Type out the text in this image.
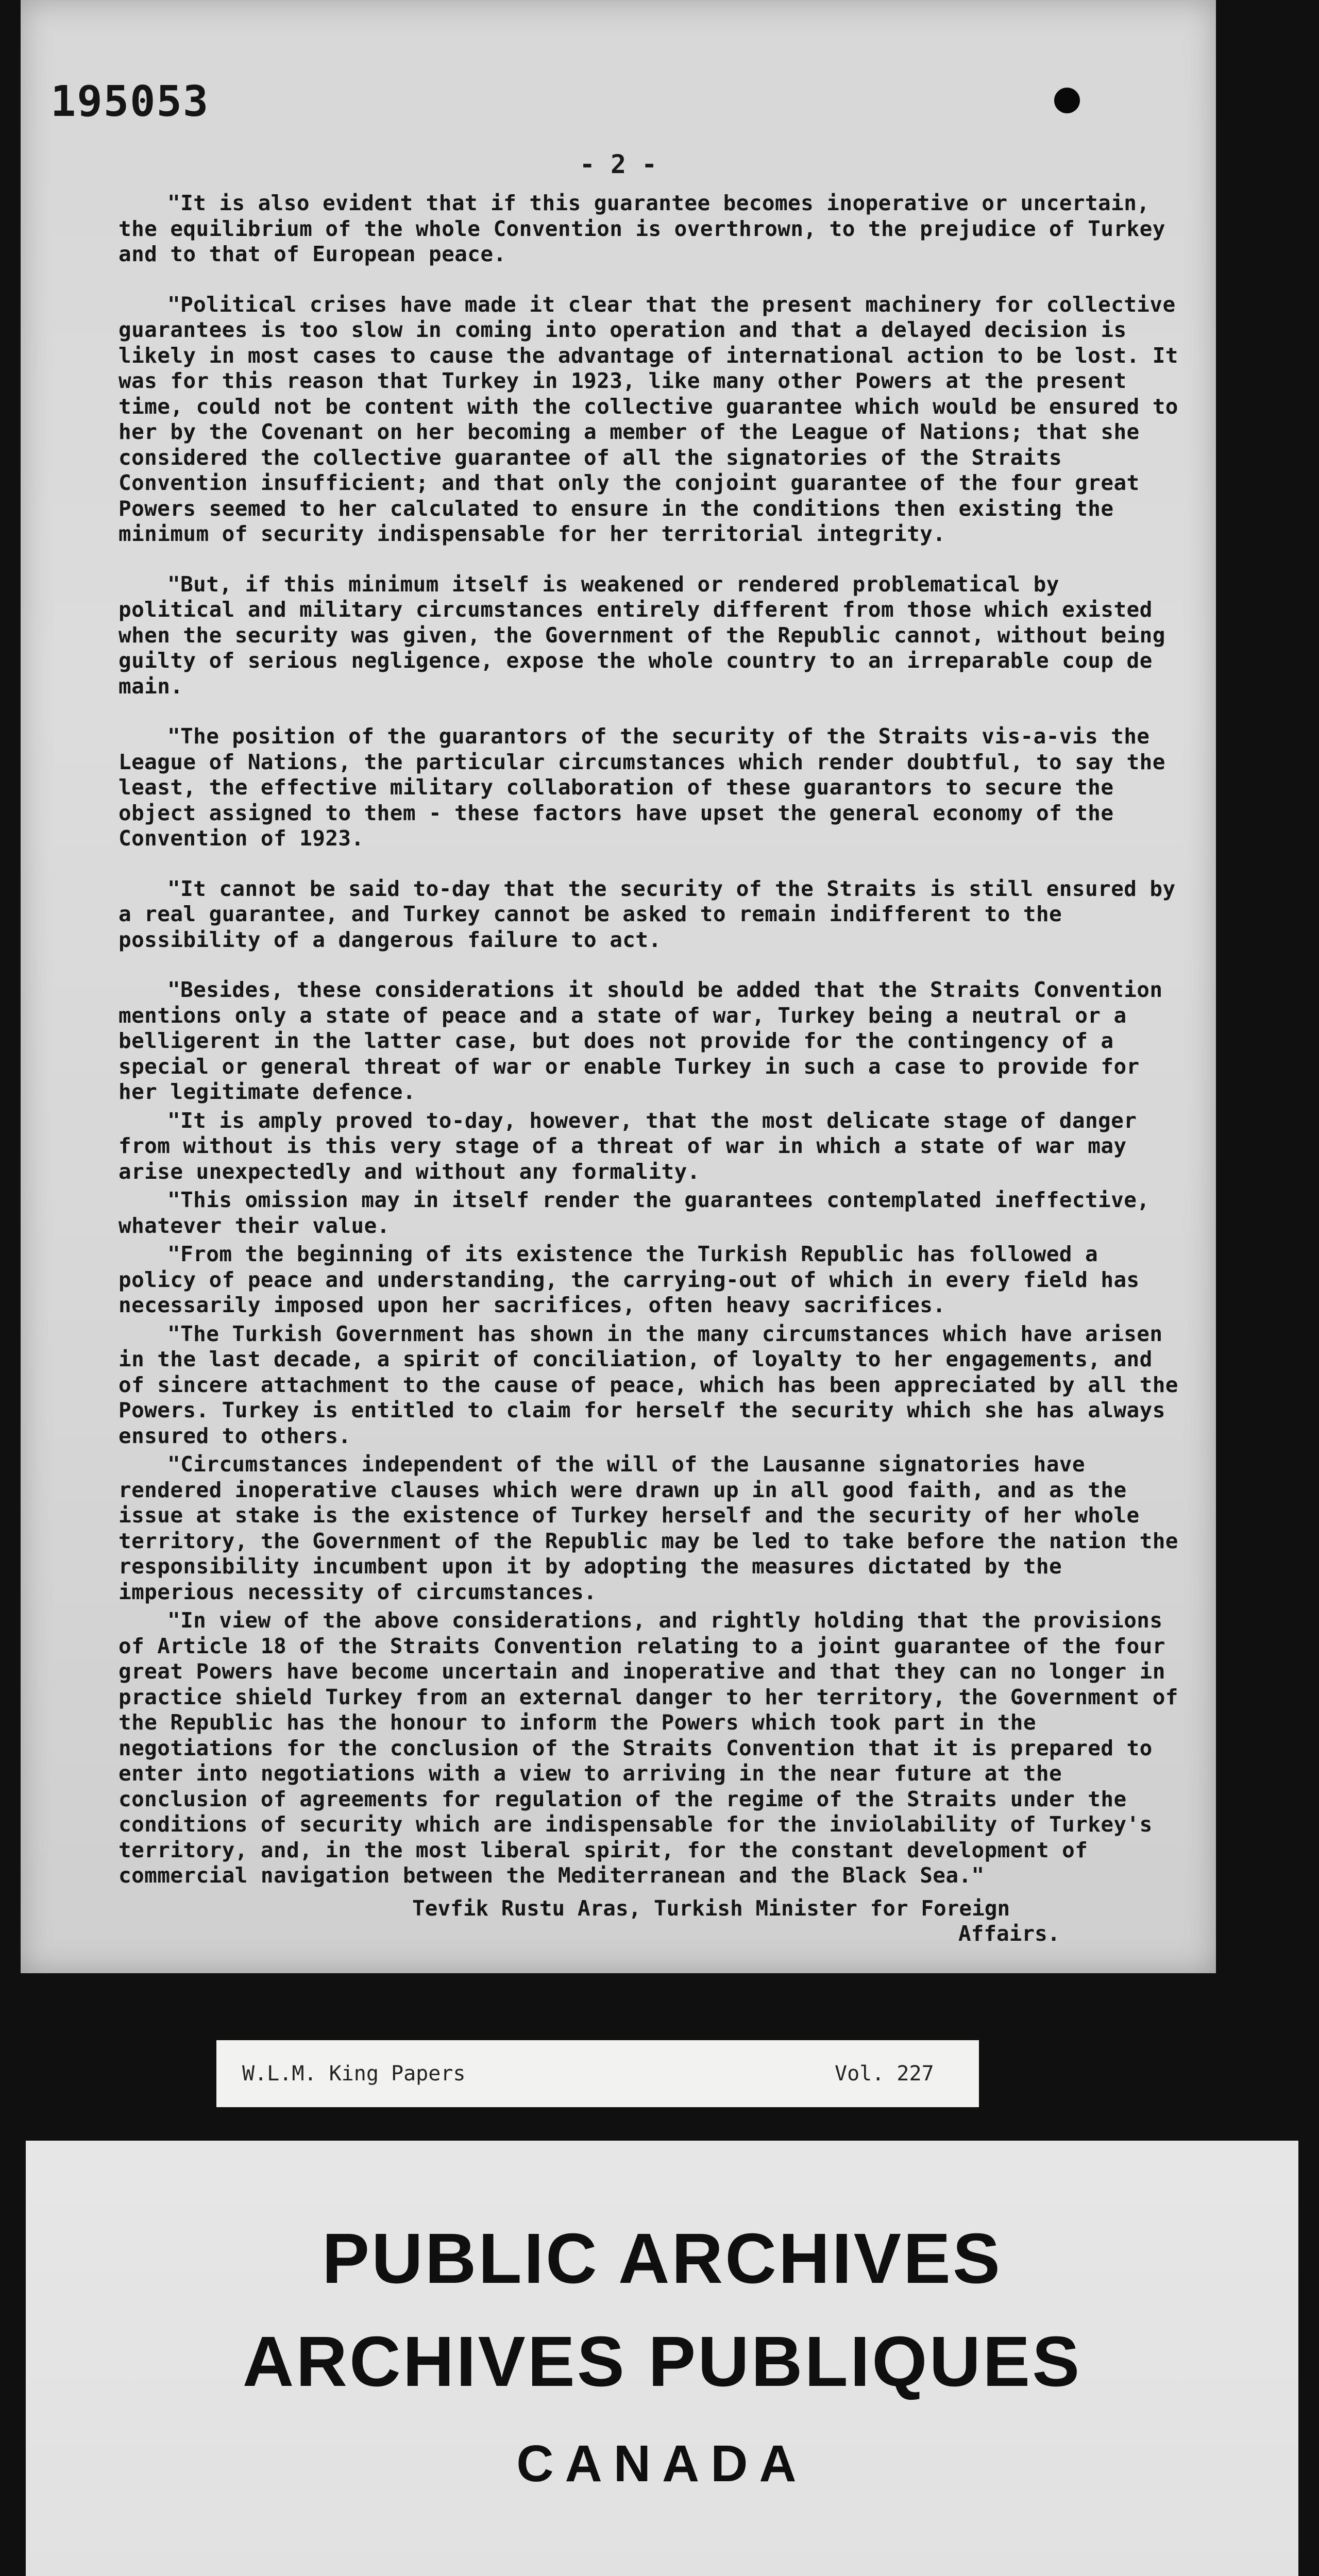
195053
- 2 -

"It is also evident that if this guarantee becomes inoperative or uncertain, the equilibrium of the whole Convention is overthrown, to the prejudice of Turkey and to that of European peace.

"Political crises have made it clear that the present machinery for collective guarantees is too slow in coming into operation and that a delayed decision is likely in most cases to cause the advantage of international action to be lost. It was for this reason that Turkey in 1923, like many other Powers at the present time, could not be content with the collective guarantee which would be ensured to her by the Covenant on her becoming a member of the League of Nations; that she considered the collective guarantee of all the signatories of the Straits Convention insufficient; and that only the conjoint guarantee of the four great Powers seemed to her calculated to ensure in the conditions then existing the minimum of security indispensable for her territorial integrity.

"But, if this minimum itself is weakened or rendered problematical by political and military circumstances entirely different from those which existed when the security was given, the Government of the Republic cannot, without being guilty of serious negligence, expose the whole country to an irreparable coup de main.

"The position of the guarantors of the security of the Straits vis-a-vis the League of Nations, the particular circumstances which render doubtful, to say the least, the effective military collaboration of these guarantors to secure the object assigned to them - these factors have upset the general economy of the Convention of 1923.

"It cannot be said to-day that the security of the Straits is still ensured by a real guarantee, and Turkey cannot be asked to remain indifferent to the possibility of a dangerous failure to act.

"Besides, these considerations it should be added that the Straits Convention mentions only a state of peace and a state of war, Turkey being a neutral or a belligerent in the latter case, but does not provide for the contingency of a special or general threat of war or enable Turkey in such a case to provide for her legitimate defence.

"It is amply proved to-day, however, that the most delicate stage of danger from without is this very stage of a threat of war in which a state of war may arise unexpectedly and without any formality.

"This omission may in itself render the guarantees contemplated ineffective, whatever their value.

"From the beginning of its existence the Turkish Republic has followed a policy of peace and understanding, the carrying-out of which in every field has necessarily imposed upon her sacrifices, often heavy sacrifices.

"The Turkish Government has shown in the many circumstances which have arisen in the last decade, a spirit of conciliation, of loyalty to her engagements, and of sincere attachment to the cause of peace, which has been appreciated by all the Powers. Turkey is entitled to claim for herself the security which she has always ensured to others.

"Circumstances independent of the will of the Lausanne signatories have rendered inoperative clauses which were drawn up in all good faith, and as the issue at stake is the existence of Turkey herself and the security of her whole territory, the Government of the Republic may be led to take before the nation the responsibility incumbent upon it by adopting the measures dictated by the imperious necessity of circumstances.

"In view of the above considerations, and rightly holding that the provisions of Article 18 of the Straits Convention relating to a joint guarantee of the four great Powers have become uncertain and inoperative and that they can no longer in practice shield Turkey from an external danger to her territory, the Government of the Republic has the honour to inform the Powers which took part in the negotiations for the conclusion of the Straits Convention that it is prepared to enter into negotiations with a view to arriving in the near future at the conclusion of agreements for regulation of the regime of the Straits under the conditions of security which are indispensable for the inviolability of Turkey's territory, and, in the most liberal spirit, for the constant development of commercial navigation between the Mediterranean and the Black Sea."

Tevfik Rustu Aras, Turkish Minister for Foreign
Affairs.
W.L.M. King Papers	Vol. 227
PUBLIC ARCHIVES
ARCHIVES PUBLIQUES
CANADA
